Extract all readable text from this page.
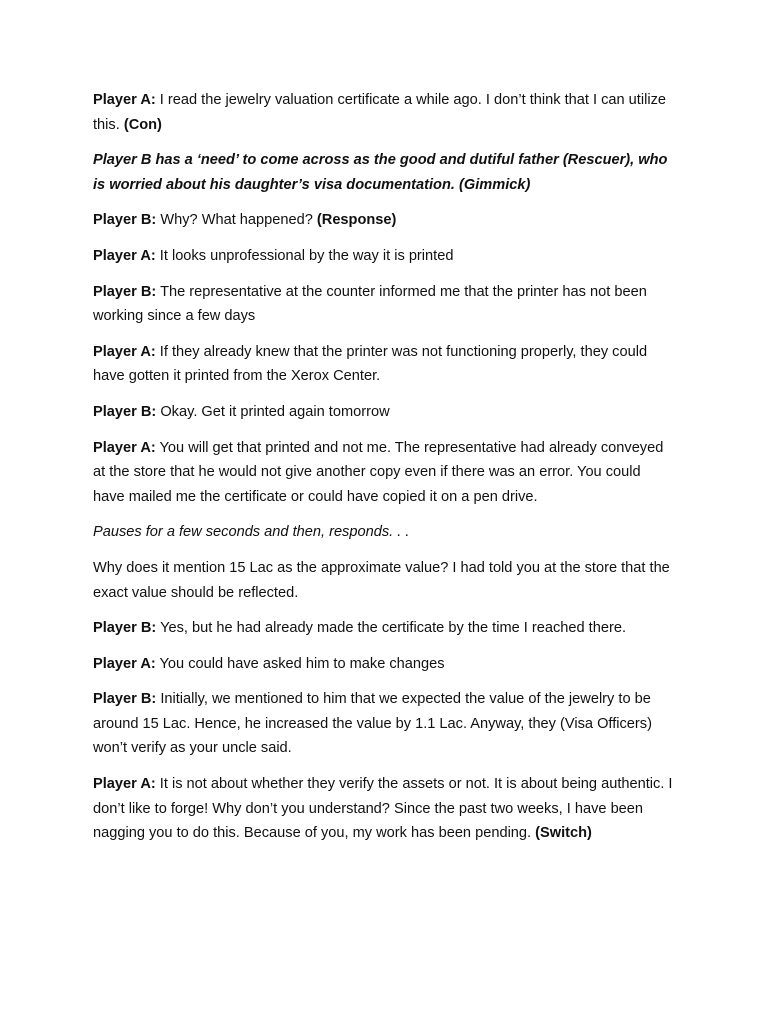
Player A: I read the jewelry valuation certificate a while ago. I don’t think that I can utilize this. (Con)

Player B has a ‘need’ to come across as the good and dutiful father (Rescuer), who is worried about his daughter’s visa documentation. (Gimmick)

Player B: Why? What happened? (Response)

Player A: It looks unprofessional by the way it is printed

Player B: The representative at the counter informed me that the printer has not been working since a few days

Player A: If they already knew that the printer was not functioning properly, they could have gotten it printed from the Xerox Center.

Player B: Okay. Get it printed again tomorrow

Player A: You will get that printed and not me. The representative had already conveyed at the store that he would not give another copy even if there was an error. You could have mailed me the certificate or could have copied it on a pen drive.

Pauses for a few seconds and then, responds. . .

Why does it mention 15 Lac as the approximate value? I had told you at the store that the exact value should be reflected.

Player B: Yes, but he had already made the certificate by the time I reached there.

Player A: You could have asked him to make changes

Player B: Initially, we mentioned to him that we expected the value of the jewelry to be around 15 Lac. Hence, he increased the value by 1.1 Lac. Anyway, they (Visa Officers) won’t verify as your uncle said.

Player A: It is not about whether they verify the assets or not. It is about being authentic. I don’t like to forge! Why don’t you understand? Since the past two weeks, I have been nagging you to do this. Because of you, my work has been pending. (Switch)
